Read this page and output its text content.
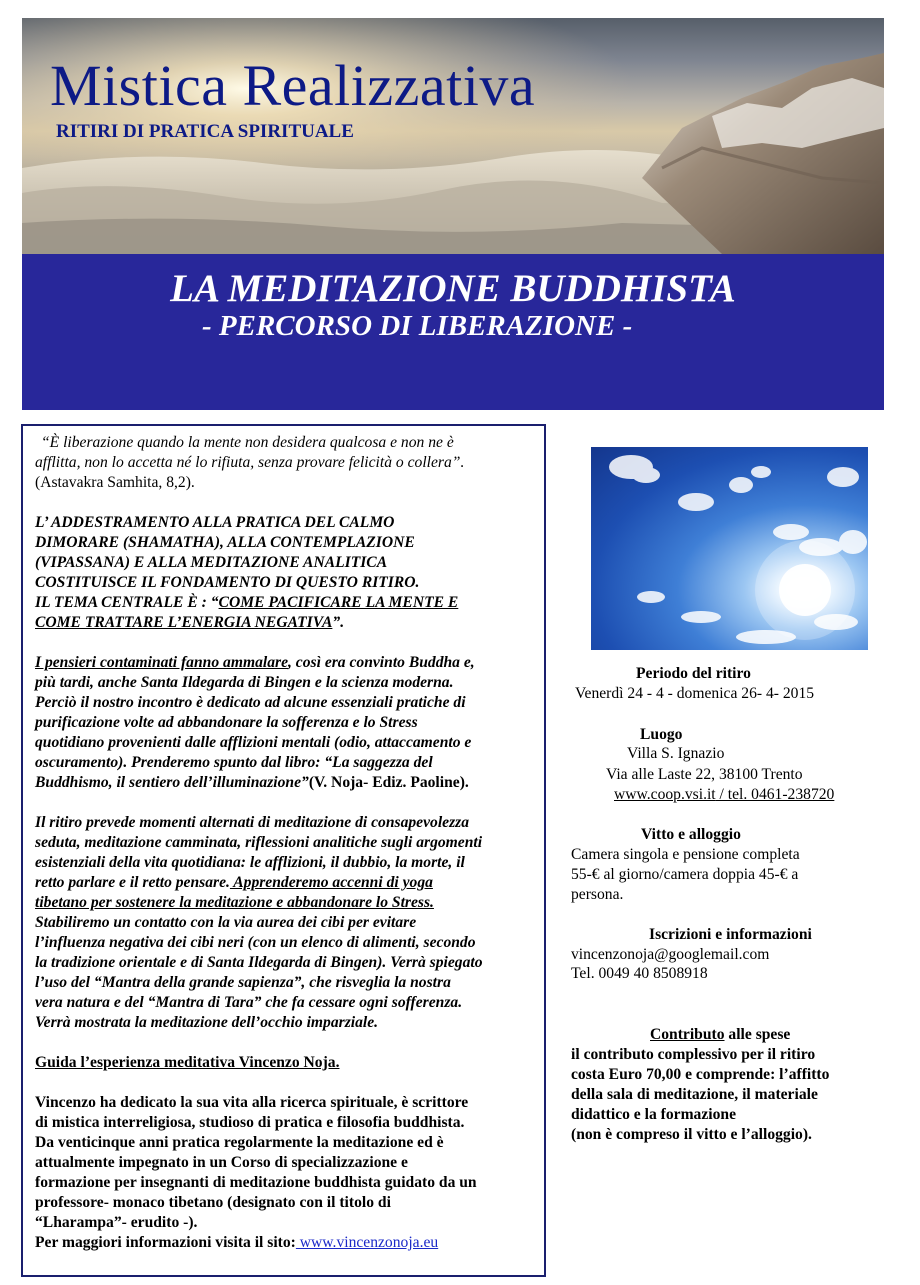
Mistica Realizzativa
RITIRI DI PRATICA SPIRITUALE
LA MEDITAZIONE BUDDHISTA
- PERCORSO DI LIBERAZIONE -
“È liberazione quando la mente non desidera qualcosa e non ne è
afflitta, non lo accetta né lo rifiuta, senza provare felicità o collera”.
(Astavakra Samhita, 8,2).
L’ ADDESTRAMENTO ALLA PRATICA DEL CALMO
DIMORARE (SHAMATHA), ALLA CONTEMPLAZIONE
(VIPASSANA) E ALLA MEDITAZIONE ANALITICA
COSTITUISCE IL FONDAMENTO DI QUESTO RITIRO.
IL TEMA CENTRALE È : “COME PACIFICARE LA MENTE E
COME TRATTARE L’ENERGIA NEGATIVA”.
I pensieri contaminati fanno ammalare, così era convinto Buddha e,
più tardi, anche Santa Ildegarda di Bingen e la scienza moderna.
Perciò il nostro incontro è dedicato ad alcune essenziali pratiche di
purificazione volte ad abbandonare la sofferenza e lo Stress
quotidiano provenienti dalle afflizioni mentali (odio, attaccamento e
oscuramento). Prenderemo spunto dal libro: “La saggezza del
Buddhismo, il sentiero dell’illuminazione”(V. Noja- Ediz. Paoline).
Il ritiro prevede momenti alternati di meditazione di consapevolezza
seduta, meditazione camminata, riflessioni analitiche sugli argomenti
esistenziali della vita quotidiana: le afflizioni, il dubbio, la morte, il
retto parlare e il retto pensare. Apprenderemo accenni di yoga
tibetano per sostenere la meditazione e abbandonare lo Stress.
Stabiliremo un contatto con la via aurea dei cibi per evitare
l’influenza negativa dei cibi neri (con un elenco di alimenti, secondo
la tradizione orientale e di Santa Ildegarda di Bingen). Verrà spiegato
l’uso del “Mantra della grande sapienza”, che risveglia la nostra
vera natura e del “Mantra di Tara” che fa cessare ogni sofferenza.
Verrà mostrata la meditazione dell’occhio imparziale.
Guida l’esperienza meditativa Vincenzo Noja.
Vincenzo ha dedicato la sua vita alla ricerca spirituale, è scrittore
di mistica interreligiosa, studioso di pratica e filosofia buddhista.
Da venticinque anni pratica regolarmente la meditazione ed è
attualmente impegnato in un Corso di specializzazione e
formazione per insegnanti di meditazione buddhista guidato da un
professore- monaco tibetano (designato con il titolo di
“Lharampa”- erudito -).
Per maggiori informazioni visita il sito: www.vincenzonoja.eu
Periodo del ritiro
Venerdì 24 - 4 - domenica 26- 4- 2015
Luogo
Villa S. Ignazio
Via alle Laste 22, 38100 Trento
www.coop.vsi.it / tel. 0461-238720
Vitto e alloggio
Camera singola e pensione completa
55-€ al giorno/camera doppia 45-€ a
persona.
Iscrizioni e informazioni
vincenzonoja@googlemail.com
Tel. 0049 40 8508918
Contributo alle spese
il contributo complessivo per il ritiro
costa Euro 70,00 e comprende: l’affitto
della sala di meditazione, il materiale
didattico e la formazione
(non è compreso il vitto e l’alloggio).
